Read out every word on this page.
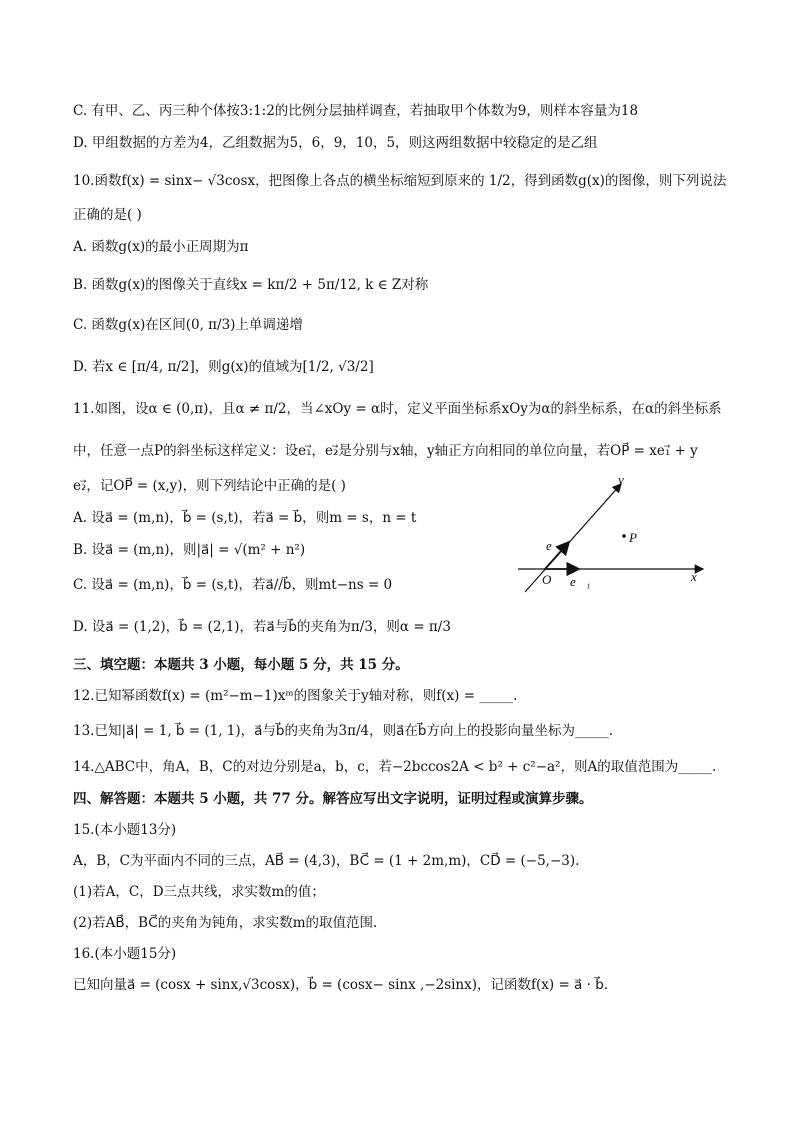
C. 有甲、乙、丙三种个体按3:1:2的比例分层抽样调查，若抽取甲个体数为9，则样本容量为18
D. 甲组数据的方差为4，乙组数据为5，6，9，10，5，则这两组数据中较稳定的是乙组
10.函数f(x) = sinx− √3cosx，把图像上各点的横坐标缩短到原来的 1/2，得到函数g(x)的图像，则下列说法
正确的是( )
A. 函数g(x)的最小正周期为π
B. 函数g(x)的图像关于直线x = kπ/2 + 5π/12, k ∈ Z对称
C. 函数g(x)在区间(0, π/3)上单调递增
D. 若x ∈ [π/4, π/2]，则g(x)的值域为[1/2, √3/2]
11.如图，设α ∈ (0,π)，且α ≠ π/2，当∠xOy = α时，定义平面坐标系xOy为α的斜坐标系，在α的斜坐标系
中，任意一点P的斜坐标这样定义：设e₁⃗，e₂⃗是分别与x轴，y轴正方向相同的单位向量，若OP⃗ = xe₁⃗ + y
e₂⃗，记OP⃗ = (x,y)，则下列结论中正确的是( )
A. 设a⃗ = (m,n)，b⃗ = (s,t)，若a⃗ = b⃗，则m = s，n = t
B. 设a⃗ = (m,n)，则|a⃗| = √(m² + n²)
C. 设a⃗ = (m,n)，b⃗ = (s,t)，若a⃗//b⃗，则mt−ns = 0
D. 设a⃗ = (1,2)，b⃗ = (2,1)，若a⃗与b⃗的夹角为π/3，则α = π/3
三、填空题：本题共 3 小题，每小题 5 分，共 15 分。
12.已知幂函数f(x) = (m²−m−1)xᵐ的图象关于y轴对称，则f(x) = _____.
13.已知|a⃗| = 1, b⃗ = (1, 1)，a⃗与b⃗的夹角为3π/4，则a⃗在b⃗方向上的投影向量坐标为_____.
14.△ABC中，角A，B，C的对边分别是a，b，c，若−2bccos2A < b² + c²−a²，则A的取值范围为_____.
四、解答题：本题共 5 小题，共 77 分。解答应写出文字说明，证明过程或演算步骤。
15.(本小题13分)
A，B，C为平面内不同的三点，AB⃗ = (4,3)，BC⃗ = (1 + 2m,m)，CD⃗ = (−5,−3).
(1)若A，C，D三点共线，求实数m的值；
(2)若AB⃗，BC⃗的夹角为钝角，求实数m的取值范围.
16.(本小题15分)
已知向量a⃗ = (cosx + sinx,√3cosx)，b⃗ = (cosx− sinx ,−2sinx)，记函数f(x) = a⃗ · b⃗.
x
y
O
P
e⃗₁
e⃗₂
